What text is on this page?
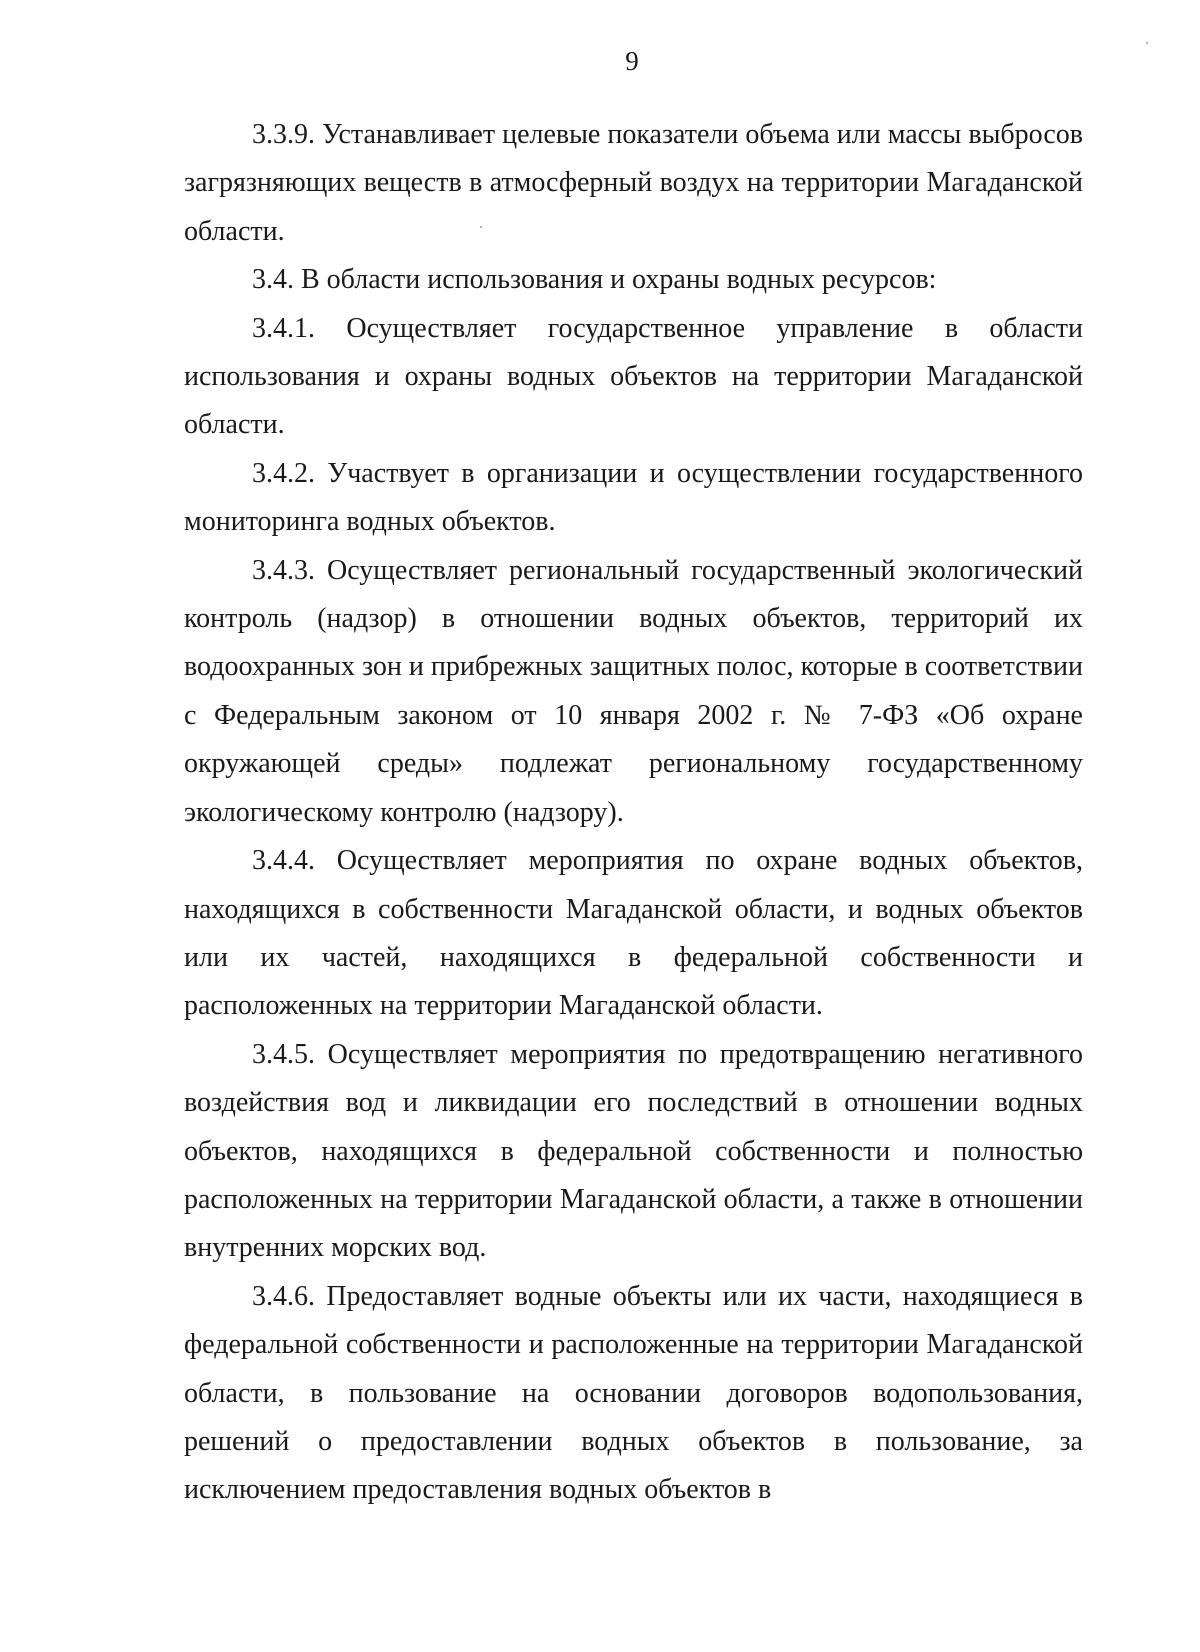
9

3.3.9. Устанавливает целевые показатели объема или массы выбросов загрязняющих веществ в атмосферный воздух на территории Магаданской области.

3.4. В области использования и охраны водных ресурсов:

3.4.1. Осуществляет государственное управление в области использования и охраны водных объектов на территории Магаданской области.

3.4.2. Участвует в организации и осуществлении государственного мониторинга водных объектов.

3.4.3. Осуществляет региональный государственный экологический контроль (надзор) в отношении водных объектов, территорий их водоохранных зон и прибрежных защитных полос, которые в соответствии с Федеральным законом от 10 января 2002 г. № 7-ФЗ «Об охране окружающей среды» подлежат региональному государственному экологическому контролю (надзору).

3.4.4. Осуществляет мероприятия по охране водных объектов, находящихся в собственности Магаданской области, и водных объектов или их частей, находящихся в федеральной собственности и расположенных на территории Магаданской области.

3.4.5. Осуществляет мероприятия по предотвращению негативного воздействия вод и ликвидации его последствий в отношении водных объектов, находящихся в федеральной собственности и полностью расположенных на территории Магаданской области, а также в отношении внутренних морских вод.

3.4.6. Предоставляет водные объекты или их части, находящиеся в федеральной собственности и расположенные на территории Магаданской области, в пользование на основании договоров водопользования, решений о предоставлении водных объектов в пользование, за исключением предоставления водных объектов в
